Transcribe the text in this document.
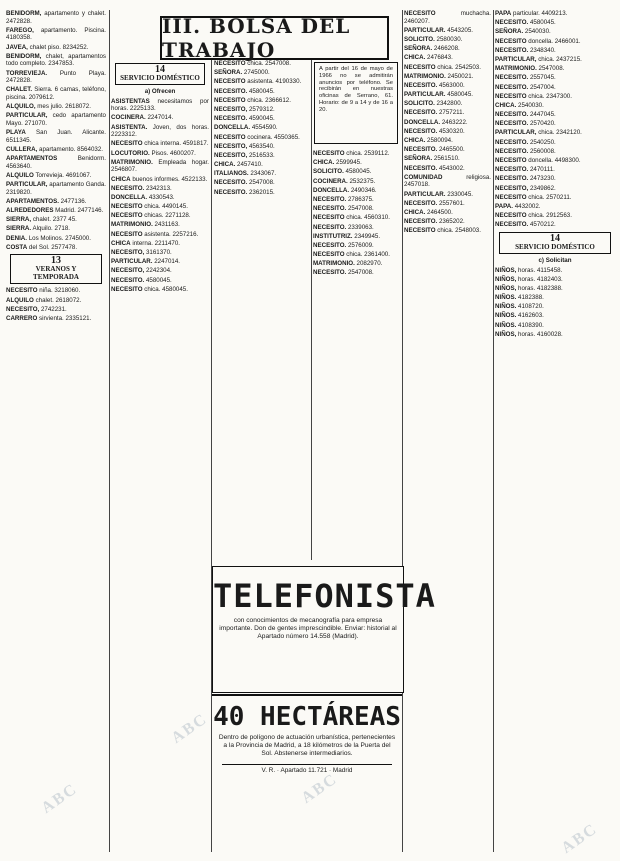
III. BOLSA DEL TRABAJO

BENIDORM, apartamento y chalet. 2472828.

FAREGO, apartamento. Piscina. 4180358.

JAVEA, chalet piso. 8234252.

BENIDORM, chalet, apartamentos todo completo. 2347853.

TORREVIEJA. Punto Playa. 2472828.

CHALET. Sierra. 6 camas, teléfono, piscina. 2079612.

ALQUILO, mes julio. 2618072.

PARTICULAR, cedo apartamento Mayo. 271070.

PLAYA San Juan. Alicante. 6511345.

CULLERA, apartamento. 8564032.

APARTAMENTOS Benidorm. 4563640.

ALQUILO Torrevieja. 4691067.

PARTICULAR, apartamento Ganda. 2319820.

APARTAMENTOS. 2477136.

ALREDEDORES Madrid. 2477146.

SIERRA, chalet. 2377 45.

SIERRA. Alquilo. 2718.

DENIA. Los Molinos. 2745000.

COSTA del Sol. 2577478.

13
VERANOS Y TEMPORADA

NECESITO niña. 3218060.

ALQUILO chalet. 2618072.

NECESITO, 2742231.

CARRERO sirvienta. 2335121.

14
SERVICIO DOMÉSTICO
a) Ofrecen

ASISTENTAS necesitamos por horas. 2225133.

COCINERA. 2247014.

ASISTENTA. Joven, dos horas. 2223312.

NECESITO chica interna. 4591817.

LOCUTORIO. Pisos. 4600207.

MATRIMONIO. Empleada hogar. 2546807.

CHICA buenos informes. 4522133.

NECESITO. 2342313.

DONCELLA. 4330543.

NECESITO chica. 4490145.

NECESITO chicas. 2271128.

MATRIMONIO. 2431163.

NECESITO asistenta. 2257216.

CHICA interna. 2211470.

NECESITO, 3161370.

PARTICULAR. 2247014.

NECESITO, 2242304.

NECESITO. 4580045.

NECESITO chica. 4580045.

NECESITO chica. 2547008.

SEÑORA. 2745000.

NECESITO asistenta. 4190330.

NECESITO. 4580045.

NECESITO chica. 2366612.

NECESITO, 2579312.

NECESITO. 4590045.

DONCELLA. 4554590.

NECESITO cocinera. 4550365.

NECESITO, 4563540.

NECESITO, 2516533.

CHICA. 2457410.

ITALIANOS. 2343067.

NECESITO. 2547008.

NECESITO. 2362015.

A partir del 16 de mayo de 1966 no se admitirán anuncios por teléfono. Se recibirán en nuestras oficinas de Serrano, 61. Horario: de 9 a 14 y de 16 a 20.

NECESITO chica. 2539112.

CHICA. 2599945.

SOLICITO. 4580045.

COCINERA. 2532375.

DONCELLA. 2490346.

NECESITO. 2786375.

NECESITO. 2547008.

NECESITO chica. 4560310.

NECESITO. 2339063.

INSTITUTRIZ. 2349945.

NECESITO. 2576009.

NECESITO chica. 2361400.

MATRIMONIO. 2082970.

NECESITO. 2547008.

TELEFONISTA
con conocimientos de mecanografía para empresa importante. Don de gentes imprescindible. Enviar: historial al Apartado número 14.558 (Madrid).
40 HECTÁREAS
Dentro de polígono de actuación urbanística, pertenecientes a la Provincia de Madrid, a 18 kilómetros de la Puerta del Sol. Abstenerse intermediarios.
V. R. · Apartado 11.721 · Madrid

NECESITO muchacha. 2460207.

PARTICULAR. 4543205.

SOLICITO. 2580030.

SEÑORA. 2466208.

CHICA. 2476843.

NECESITO chica. 2542503.

MATRIMONIO. 2450021.

NECESITO. 4563000.

PARTICULAR. 4580045.

SOLICITO. 2342800.

NECESITO. 2757211.

DONCELLA. 2463222.

NECESITO. 4530320.

CHICA. 2580094.

NECESITO. 2465500.

SEÑORA. 2561510.

NECESITO. 4543002.

COMUNIDAD religiosa. 2457018.

PARTICULAR. 2330045.

NECESITO. 2557601.

CHICA. 2464500.

NECESITO. 2365202.

NECESITO chica. 2548003.

PAPA particular. 4409213.

NECESITO. 4580045.

SEÑORA. 2540030.

NECESITO doncella. 2466001.

NECESITO. 2348340.

PARTICULAR, chica. 2437215.

MATRIMONIO. 2547008.

NECESITO. 2557045.

NECESITO. 2547004.

NECESITO chica. 2347300.

CHICA. 2540030.

NECESITO. 2447045.

NECESITO. 2570420.

PARTICULAR, chica. 2342120.

NECESITO. 2540250.

NECESITO. 2560008.

NECESITO doncella. 4498300.

NECESITO. 2470111.

NECESITO. 2473230.

NECESITO, 2349862.

NECESITO chica. 2570211.

PAPA. 4432002.

NECESITO chica. 2912563.

NECESITO. 4570212.

14
SERVICIO DOMÉSTICO
c) Solicitan

NIÑOS, horas. 4115458.

NIÑOS, horas. 4182403.

NIÑOS, horas. 4182388.

NIÑOS. 4182388.

NIÑOS. 4108720.

NIÑOS. 4162603.

NIÑOS. 4108390.

NIÑOS, horas. 4160028.

ABC
ABC
ABC
ABC
